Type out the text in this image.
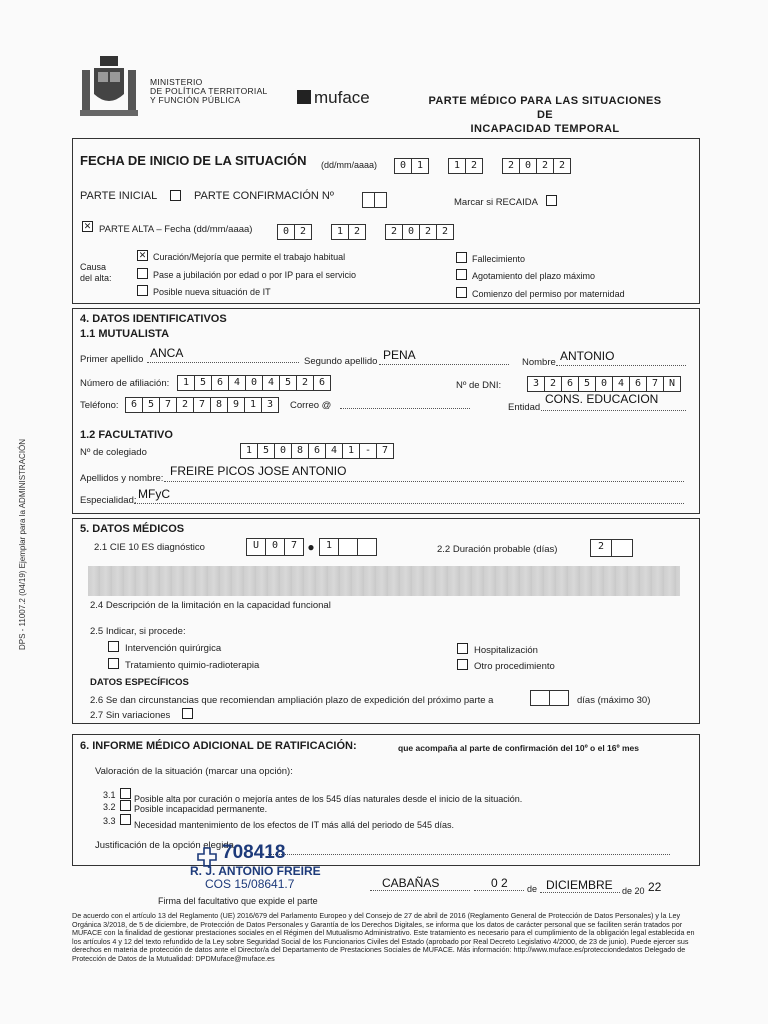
MINISTERIO
DE POLÍTICA TERRITORIAL
Y FUNCIÓN PÚBLICA	muface	PARTE MÉDICO PARA LAS SITUACIONES DE
INCAPACIDAD TEMPORAL
DPS - 11007.2 (04/19) Ejemplar para la ADMINISTRACIÓN
FECHA DE INICIO DE LA SITUACIÓN (dd/mm/aaaa)	0	1	1	2	2	0	2	2
PARTE INICIAL	PARTE CONFIRMACIÓN Nº
Marcar si RECAIDA
✕ PARTE ALTA – Fecha (dd/mm/aaaa)	0	2	1	2	2	0	2	2
Causa
del alta:
✕ Curación/Mejoría que permite el trabajo habitual
Pase a jubilación por edad o por IP para el servicio
Posible nueva situación de IT
Fallecimiento
Agotamiento del plazo máximo
Comienzo del permiso por maternidad
4. DATOS IDENTIFICATIVOS
1.1 MUTUALISTA
Primer apellido ANCA
Segundo apellido PENA
Nombre ANTONIO
Número de afiliación:	1	5	6	4	0	4	5	2	6	Nº de DNI:	3	2	6	5	0	4	6	7	N
Teléfono:	6	5	7	2	7	8	9	1	3	Correo @	Entidad
CONS. EDUCACION
1.2 FACULTATIVO
Nº de colegiado	1	5	0	8	6	4	1	-	7
Apellidos y nombre:
FREIRE PICOS JOSE ANTONIO
Especialidad: MFyC
5. DATOS MÉDICOS
2.1 CIE 10 ES diagnóstico	U	0	7 ●	1	2.2 Duración probable (días)	2
2.4 Descripción de la limitación en la capacidad funcional
2.5 Indicar, si procede:
Intervención quirúrgica
Tratamiento quimio-radioterapia
Hospitalización
Otro procedimiento
DATOS ESPECÍFICOS
2.6 Se dan circunstancias que recomiendan ampliación plazo de expedición del próximo parte a	días (máximo 30)
2.7 Sin variaciones
6. INFORME MÉDICO ADICIONAL DE RATIFICACIÓN:	que acompaña al parte de confirmación del 10º o el 16º mes
Valoración de la situación (marcar una opción):
3.1 Posible alta por curación o mejoría antes de los 545 días naturales desde el inicio de la situación.
3.2 Posible incapacidad permanente.
3.3 Necesidad mantenimiento de los efectos de IT más allá del periodo de 545 días.
Justificación de la opción elegida
708418
R. J. ANTONIO FREIRE
COS 15/08641.7	CABAÑAS	0 2 de DICIEMBRE de 20 22
Firma del facultativo que expide el parte
De acuerdo con el artículo 13 del Reglamento (UE) 2016/679 del Parlamento Europeo y del Consejo de 27 de abril de 2016 (Reglamento General de Protección de Datos Personales) y la Ley Orgánica 3/2018, de 5 de diciembre, de Protección de Datos Personales y Garantía de los Derechos Digitales, se informa que los datos de carácter personal que se faciliten serán tratados por MUFACE con la finalidad de gestionar prestaciones sociales en el Régimen del Mutualismo Administrativo. Este tratamiento es necesario para el cumplimiento de la obligación legal establecida en los artículos 4 y 12 del texto refundido de la Ley sobre Seguridad Social de los Funcionarios Civiles del Estado (aprobado por Real Decreto Legislativo 4/2000, de 23 de junio). Puede ejercer sus derechos en materia de protección de datos ante el Director/a del Departamento de Prestaciones Sociales de MUFACE. Más información: http://www.muface.es/protecciondedatos Delegado de Protección de Datos de la Mutualidad: DPDMuface@muface.es
